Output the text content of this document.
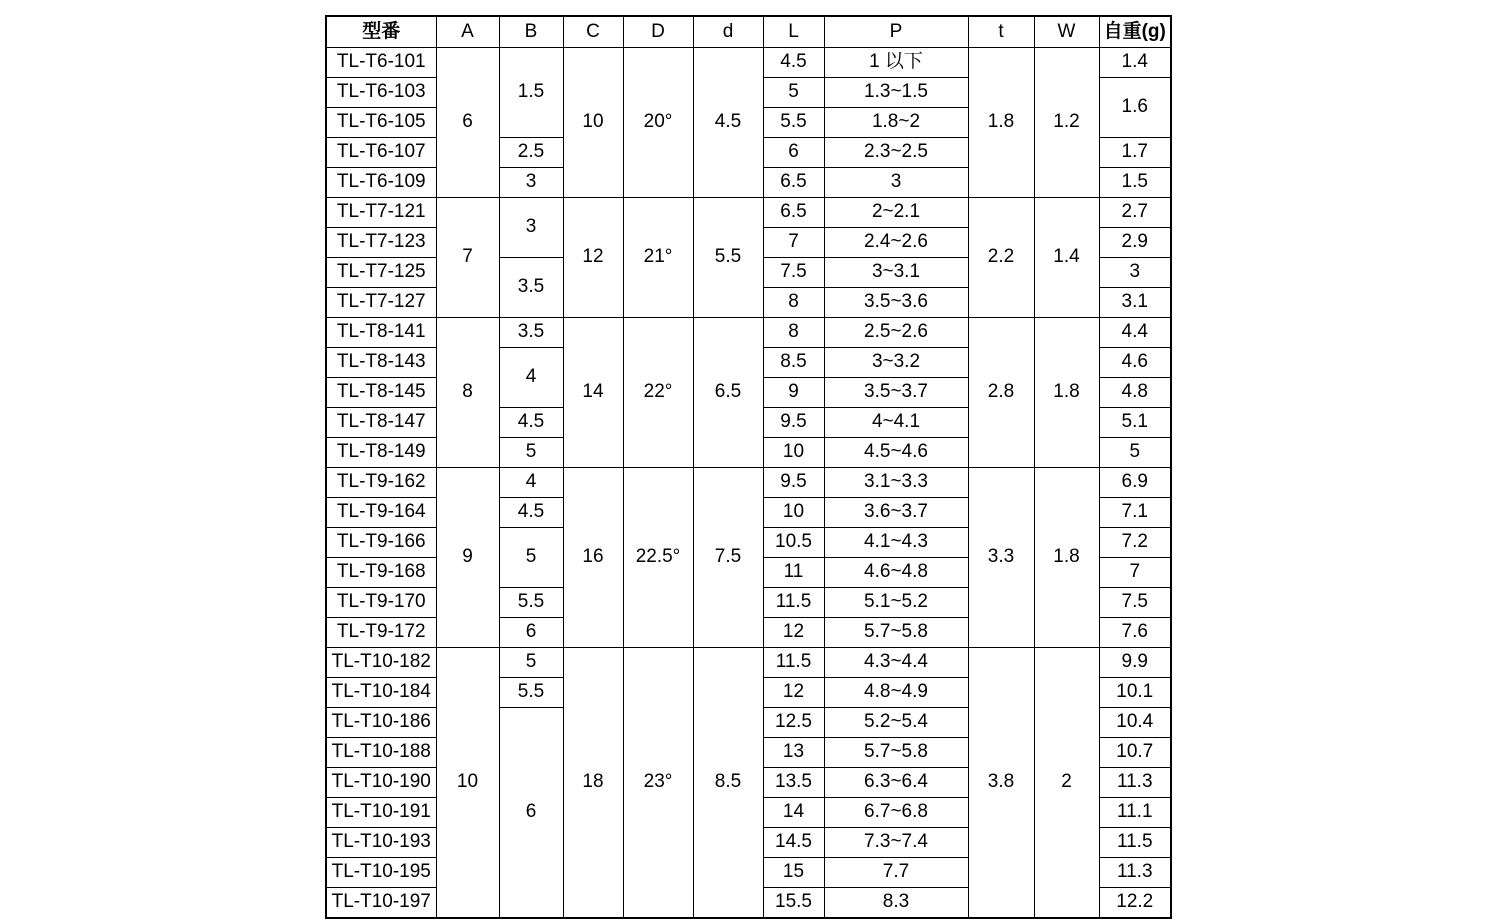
型番	A	B	C	D	d	L	P	t	W	自重(g)
TL-T6-101	6	1.5	10	20°	4.5	4.5	1 以下	1.8	1.2	1.4
TL-T6-103						5	1.3~1.5			1.6
TL-T6-105						5.5	1.8~2			
TL-T6-107		2.5				6	2.3~2.5			1.7
TL-T6-109		3				6.5	3			1.5
TL-T7-121	7	3	12	21°	5.5	6.5	2~2.1	2.2	1.4	2.7
TL-T7-123						7	2.4~2.6			2.9
TL-T7-125		3.5				7.5	3~3.1			3
TL-T7-127						8	3.5~3.6			3.1
TL-T8-141	8	3.5	14	22°	6.5	8	2.5~2.6	2.8	1.8	4.4
TL-T8-143		4				8.5	3~3.2			4.6
TL-T8-145						9	3.5~3.7			4.8
TL-T8-147		4.5				9.5	4~4.1			5.1
TL-T8-149		5				10	4.5~4.6			5
TL-T9-162	9	4	16	22.5°	7.5	9.5	3.1~3.3	3.3	1.8	6.9
TL-T9-164		4.5				10	3.6~3.7			7.1
TL-T9-166		5				10.5	4.1~4.3			7.2
TL-T9-168						11	4.6~4.8			7
TL-T9-170		5.5				11.5	5.1~5.2			7.5
TL-T9-172		6				12	5.7~5.8			7.6
TL-T10-182	10	5	18	23°	8.5	11.5	4.3~4.4	3.8	2	9.9
TL-T10-184		5.5				12	4.8~4.9			10.1
TL-T10-186		6				12.5	5.2~5.4			10.4
TL-T10-188						13	5.7~5.8			10.7
TL-T10-190						13.5	6.3~6.4			11.3
TL-T10-191						14	6.7~6.8			11.1
TL-T10-193						14.5	7.3~7.4			11.5
TL-T10-195						15	7.7			11.3
TL-T10-197						15.5	8.3			12.2
